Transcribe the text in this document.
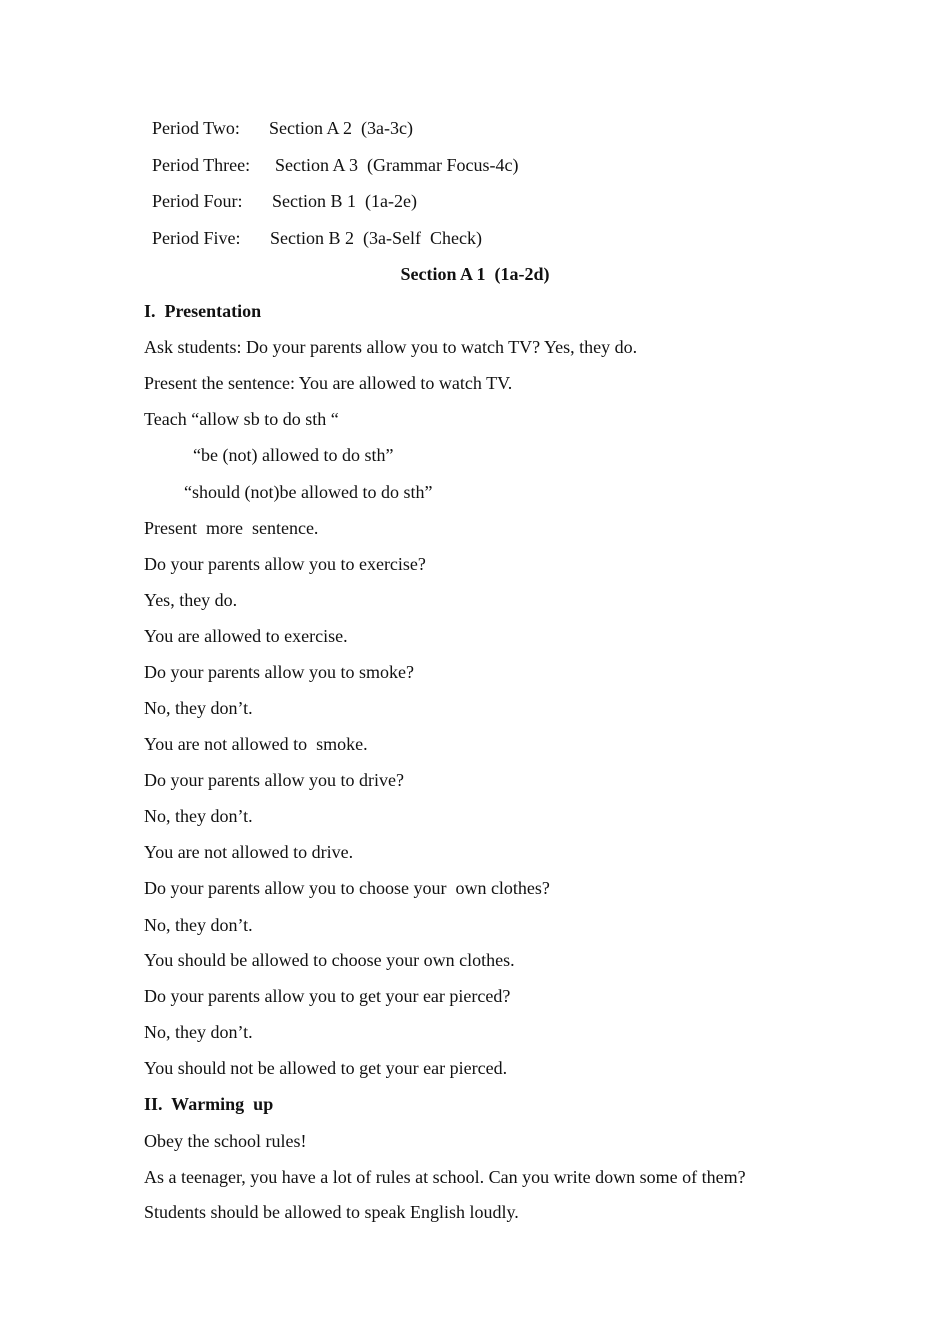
Period Two: Section A 2  (3a-3c)
Period Three: Section A 3  (Grammar Focus-4c)
Period Four: Section B 1  (1a-2e)
Period Five: Section B 2  (3a-Self  Check)
Section A 1  (1a-2d)
I.  Presentation
Ask students: Do your parents allow you to watch TV? Yes, they do.
Present the sentence: You are allowed to watch TV.
Teach “allow sb to do sth “
“be (not) allowed to do sth”
“should (not)be allowed to do sth”
Present  more  sentence.
Do your parents allow you to exercise?
Yes, they do.
You are allowed to exercise.
Do your parents allow you to smoke?
No, they don’t.
You are not allowed to  smoke.
Do your parents allow you to drive?
No, they don’t.
You are not allowed to drive.
Do your parents allow you to choose your  own clothes?
No, they don’t.
You should be allowed to choose your own clothes.
Do your parents allow you to get your ear pierced?
No, they don’t.
You should not be allowed to get your ear pierced.
II.  Warming  up
Obey the school rules!
As a teenager, you have a lot of rules at school. Can you write down some of them?
Students should be allowed to speak English loudly.
